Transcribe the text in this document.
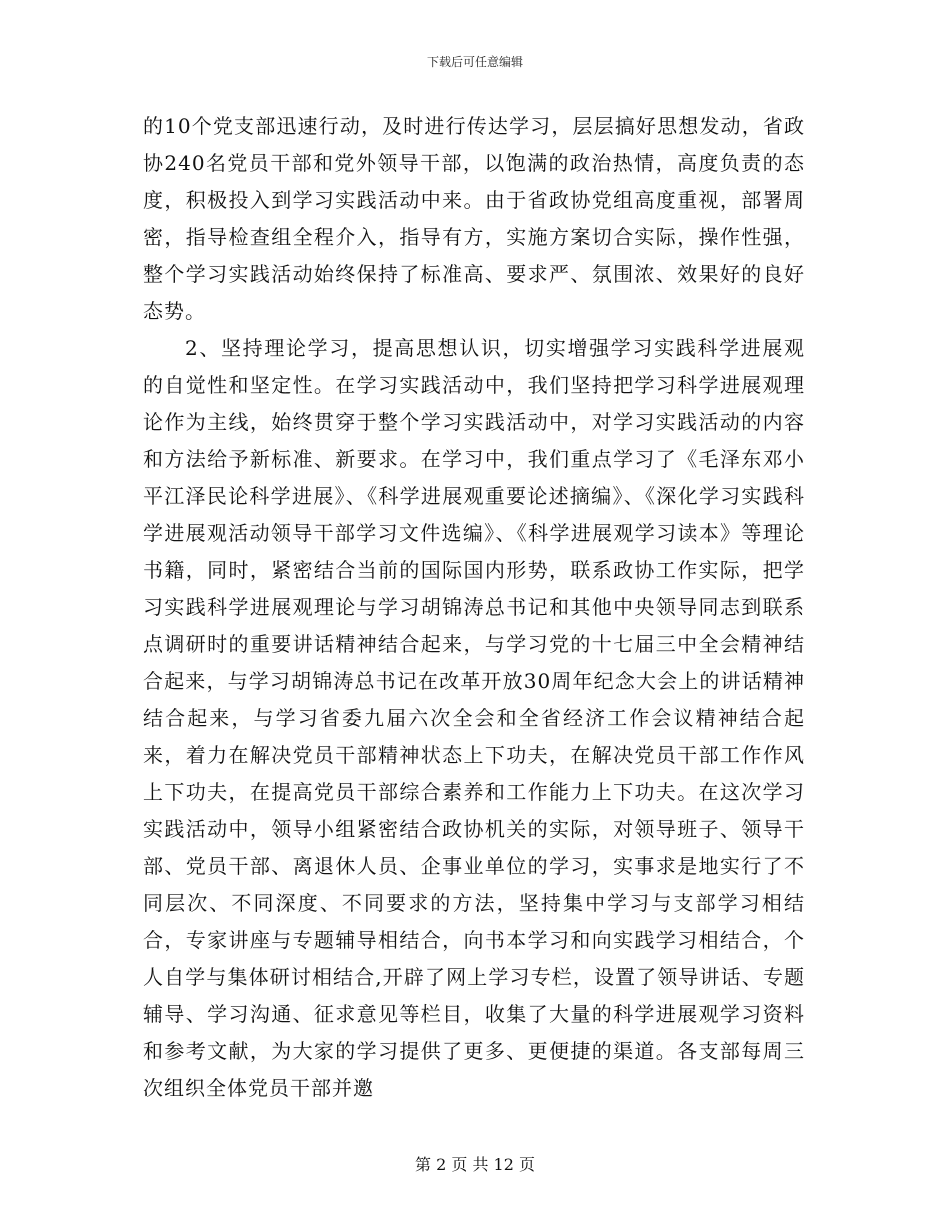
下载后可任意编辑

的10个党支部迅速行动，及时进行传达学习，层层搞好思想发动，省政协240名党员干部和党外领导干部，以饱满的政治热情，高度负责的态度，积极投入到学习实践活动中来。由于省政协党组高度重视，部署周密，指导检查组全程介入，指导有方，实施方案切合实际，操作性强，整个学习实践活动始终保持了标准高、要求严、氛围浓、效果好的良好态势。

2、坚持理论学习，提高思想认识，切实增强学习实践科学进展观的自觉性和坚定性。在学习实践活动中，我们坚持把学习科学进展观理论作为主线，始终贯穿于整个学习实践活动中，对学习实践活动的内容和方法给予新标准、新要求。在学习中，我们重点学习了《毛泽东邓小平江泽民论科学进展》、《科学进展观重要论述摘编》、《深化学习实践科学进展观活动领导干部学习文件选编》、《科学进展观学习读本》等理论书籍，同时，紧密结合当前的国际国内形势，联系政协工作实际，把学习实践科学进展观理论与学习胡锦涛总书记和其他中央领导同志到联系点调研时的重要讲话精神结合起来，与学习党的十七届三中全会精神结合起来，与学习胡锦涛总书记在改革开放30周年纪念大会上的讲话精神结合起来，与学习省委九届六次全会和全省经济工作会议精神结合起来，着力在解决党员干部精神状态上下功夫，在解决党员干部工作作风上下功夫，在提高党员干部综合素养和工作能力上下功夫。在这次学习实践活动中，领导小组紧密结合政协机关的实际，对领导班子、领导干部、党员干部、离退休人员、企事业单位的学习，实事求是地实行了不同层次、不同深度、不同要求的方法，坚持集中学习与支部学习相结合，专家讲座与专题辅导相结合，向书本学习和向实践学习相结合，个人自学与集体研讨相结合,开辟了网上学习专栏，设置了领导讲话、专题辅导、学习沟通、征求意见等栏目，收集了大量的科学进展观学习资料和参考文献，为大家的学习提供了更多、更便捷的渠道。各支部每周三次组织全体党员干部并邀

第 2 页 共 12 页
